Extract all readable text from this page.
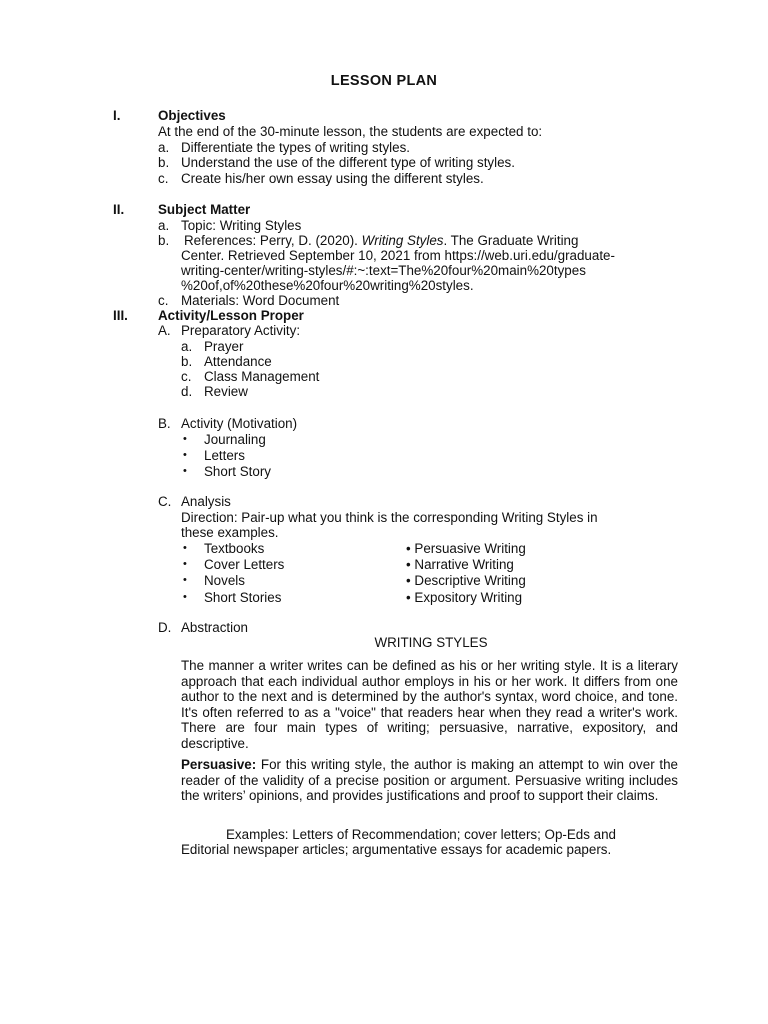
LESSON PLAN
I.	Objectives
At the end of the 30-minute lesson, the students are expected to:
a. Differentiate the types of writing styles.
b. Understand the use of the different type of writing styles.
c. Create his/her own essay using the different styles.
II.	Subject Matter
a. Topic: Writing Styles
b. References: Perry, D. (2020). Writing Styles. The Graduate Writing
Center. Retrieved September 10, 2021 from https://web.uri.edu/graduate-
writing-center/writing-styles/#:~:text=The%20four%20main%20types
%20of,of%20these%20four%20writing%20styles.
c. Materials: Word Document
III. Activity/Lesson Proper
A. Preparatory Activity:
a. Prayer
b. Attendance
c. Class Management
d. Review
B. Activity (Motivation)
• Journaling
• Letters
• Short Story
C. Analysis
Direction: Pair-up what you think is the corresponding Writing Styles in
these examples.
• Textbooks	• Persuasive Writing
• Cover Letters	• Narrative Writing
• Novels	• Descriptive Writing
• Short Stories	• Expository Writing
D. Abstraction
WRITING STYLES
The manner a writer writes can be defined as his or her writing style. It is a literary approach that each individual author employs in his or her work. It differs from one author to the next and is determined by the author's syntax, word choice, and tone. It's often referred to as a "voice" that readers hear when they read a writer's work. There are four main types of writing; persuasive, narrative, expository, and descriptive.
Persuasive: For this writing style, the author is making an attempt to win over the reader of the validity of a precise position or argument. Persuasive writing includes the writers’ opinions, and provides justifications and proof to support their claims.
Examples: Letters of Recommendation; cover letters; Op-Eds and
Editorial newspaper articles; argumentative essays for academic papers.
